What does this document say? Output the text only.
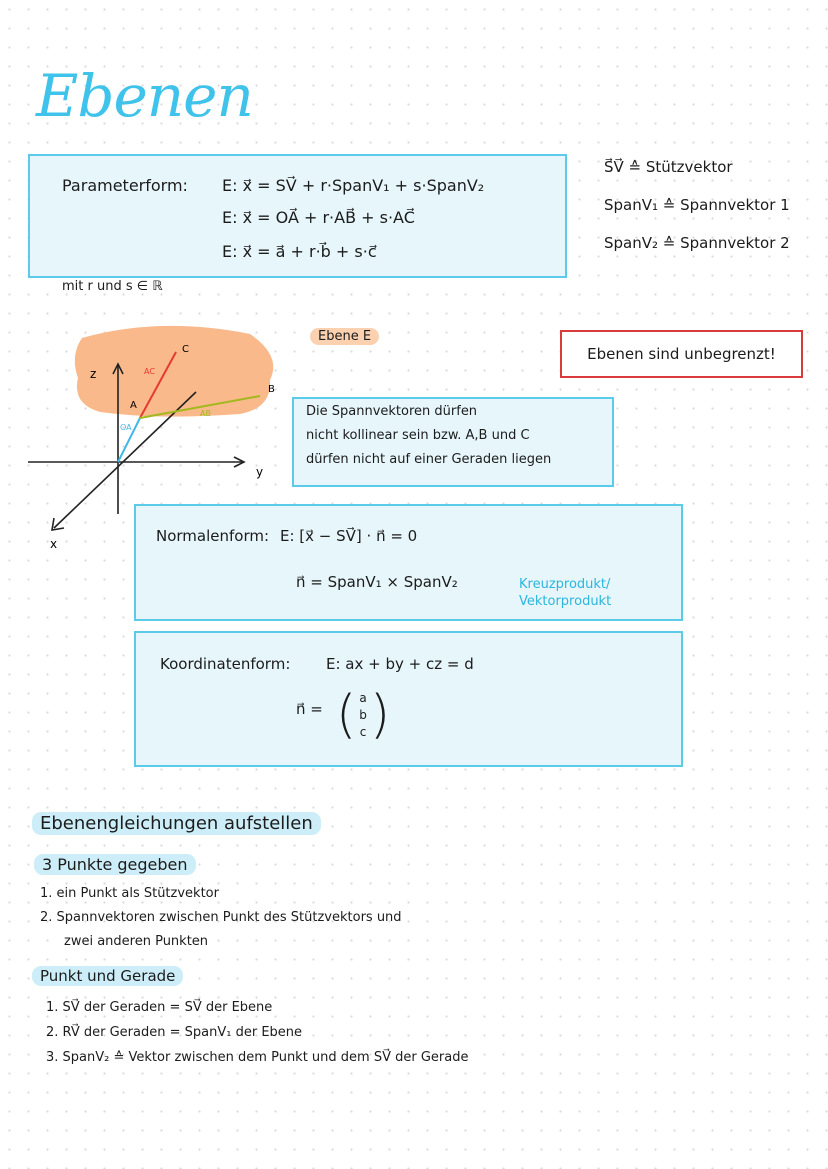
Ebenen
S⃗V⃗ ≙ Stützvektor
SpanV₁ ≙ Spannvektor 1
SpanV₂ ≙ Spannvektor 2
Parameterform: E: x⃗ = SV⃗ + r·SpanV₁ + s·SpanV₂
E: x⃗ = OA⃗ + r·AB⃗ + s·AC⃗
E: x⃗ = a⃗ + r·b⃗ + s·c⃗
mit r und s ∈ ℝ
z
y
x
A
B
C
OA
AC
AB
Ebene E
Ebenen sind unbegrenzt!
Die Spannvektoren dürfen
nicht kollinear sein bzw. A,B und C
dürfen nicht auf einer Geraden liegen
Normalenform: E: [x⃗ − SV⃗] · n⃗ = 0
n⃗ = SpanV₁ × SpanV₂	Kreuzprodukt/
Vektorprodukt
Koordinatenform: E: ax + by + cz = d
n⃗ = ( a
b
c )
Ebenengleichungen aufstellen
3 Punkte gegeben
1. ein Punkt als Stützvektor
2. Spannvektoren zwischen Punkt des Stützvektors und
zwei anderen Punkten
Punkt und Gerade
1. SV⃗ der Geraden = SV⃗ der Ebene
2. RV⃗ der Geraden = SpanV₁ der Ebene
3. SpanV₂ ≙ Vektor zwischen dem Punkt und dem SV⃗ der Gerade
